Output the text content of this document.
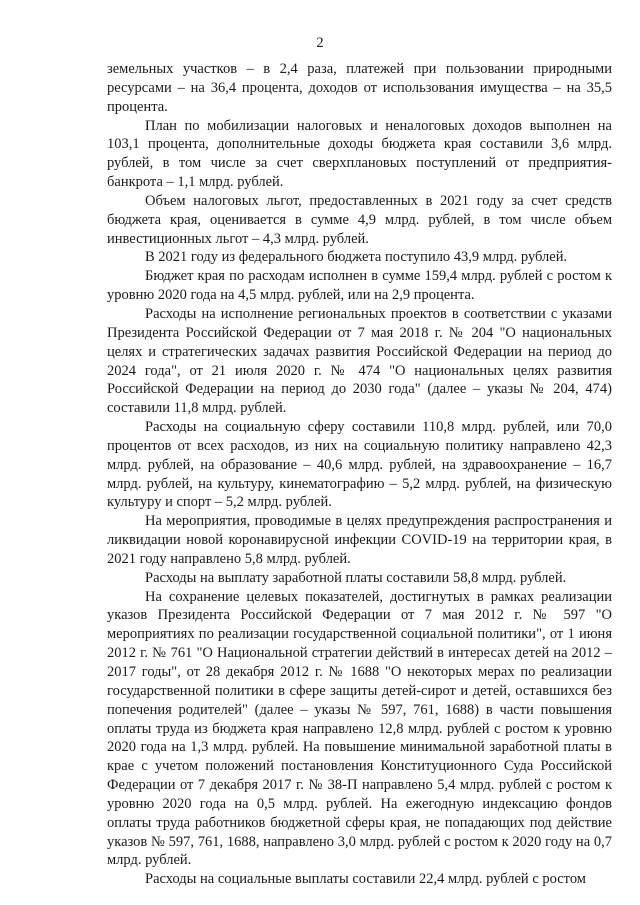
2

земельных участков – в 2,4 раза, платежей при пользовании природными ресурсами – на 36,4 процента, доходов от использования имущества – на 35,5 процента.

План по мобилизации налоговых и неналоговых доходов выполнен на 103,1 процента, дополнительные доходы бюджета края составили 3,6 млрд. рублей, в том числе за счет сверхплановых поступлений от предприятия-банкрота – 1,1 млрд. рублей.

Объем налоговых льгот, предоставленных в 2021 году за счет средств бюджета края, оценивается в сумме 4,9 млрд. рублей, в том числе объем инвестиционных льгот – 4,3 млрд. рублей.

В 2021 году из федерального бюджета поступило 43,9 млрд. рублей.

Бюджет края по расходам исполнен в сумме 159,4 млрд. рублей с ростом к уровню 2020 года на 4,5 млрд. рублей, или на 2,9 процента.

Расходы на исполнение региональных проектов в соответствии с указами Президента Российской Федерации от 7 мая 2018 г. № 204 "О национальных целях и стратегических задачах развития Российской Федерации на период до 2024 года", от 21 июля 2020 г. № 474 "О национальных целях развития Российской Федерации на период до 2030 года" (далее – указы № 204, 474) составили 11,8 млрд. рублей.

Расходы на социальную сферу составили 110,8 млрд. рублей, или 70,0 процентов от всех расходов, из них на социальную политику направлено 42,3 млрд. рублей, на образование – 40,6 млрд. рублей, на здравоохранение – 16,7 млрд. рублей, на культуру, кинематографию – 5,2 млрд. рублей, на физическую культуру и спорт – 5,2 млрд. рублей.

На мероприятия, проводимые в целях предупреждения распространения и ликвидации новой коронавирусной инфекции COVID-19 на территории края, в 2021 году направлено 5,8 млрд. рублей.

Расходы на выплату заработной платы составили 58,8 млрд. рублей.

На сохранение целевых показателей, достигнутых в рамках реализации указов Президента Российской Федерации от 7 мая 2012 г. № 597 "О мероприятиях по реализации государственной социальной политики", от 1 июня 2012 г. № 761 "О Национальной стратегии действий в интересах детей на 2012 – 2017 годы", от 28 декабря 2012 г. № 1688 "О некоторых мерах по реализации государственной политики в сфере защиты детей-сирот и детей, оставшихся без попечения родителей" (далее – указы № 597, 761, 1688) в части повышения оплаты труда из бюджета края направлено 12,8 млрд. рублей с ростом к уровню 2020 года на 1,3 млрд. рублей. На повышение минимальной заработной платы в крае с учетом положений постановления Конституционного Суда Российской Федерации от 7 декабря 2017 г. № 38-П направлено 5,4 млрд. рублей с ростом к уровню 2020 года на 0,5 млрд. рублей. На ежегодную индексацию фондов оплаты труда работников бюджетной сферы края, не попадающих под действие указов № 597, 761, 1688, направлено 3,0 млрд. рублей с ростом к 2020 году на 0,7 млрд. рублей.

Расходы на социальные выплаты составили 22,4 млрд. рублей с ростом
